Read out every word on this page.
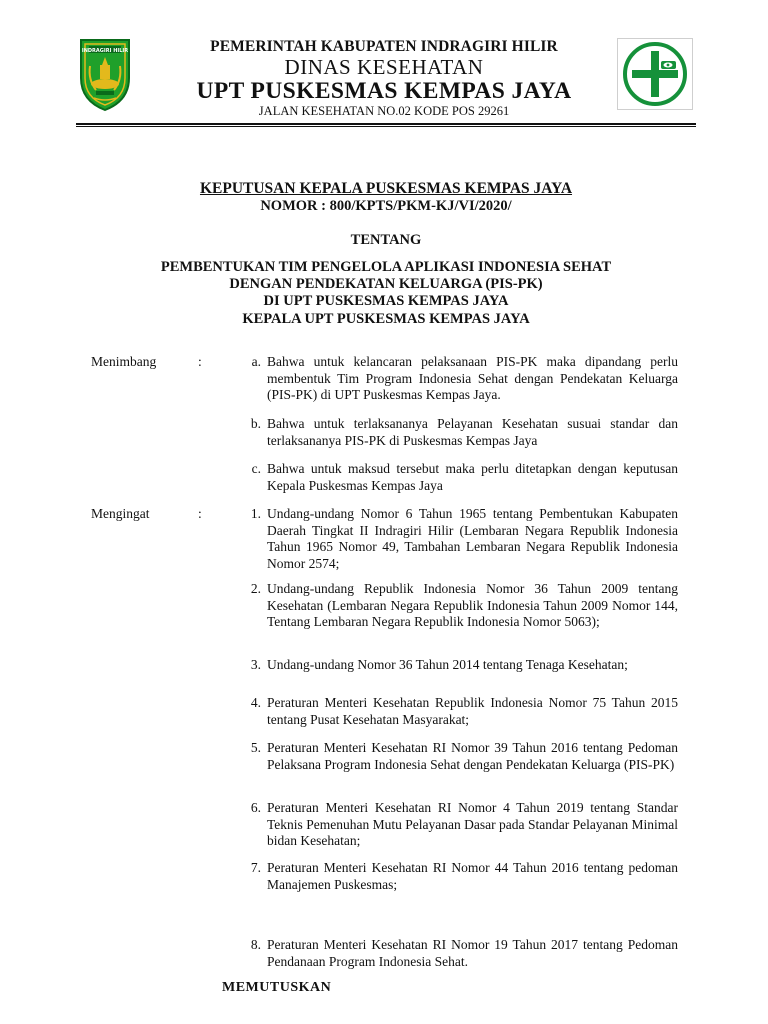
INDRAGIRI HILIR	PEMERINTAH KABUPATEN INDRAGIRI HILIR
DINAS KESEHATAN
UPT PUSKESMAS KEMPAS JAYA
JALAN KESEHATAN NO.02 KODE POS 29261
KEPUTUSAN KEPALA PUSKESMAS KEMPAS JAYA
NOMOR : 800/KPTS/PKM-KJ/VI/2020/
TENTANG
PEMBENTUKAN TIM PENGELOLA APLIKASI INDONESIA SEHAT
DENGAN PENDEKATAN KELUARGA (PIS-PK)
DI UPT PUSKESMAS KEMPAS JAYA
KEPALA UPT PUSKESMAS KEMPAS JAYA
Menimbang	:	a. Bahwa untuk kelancaran pelaksanaan PIS-PK maka dipandang perlu membentuk Tim Program Indonesia Sehat dengan Pendekatan Keluarga (PIS-PK) di UPT Puskesmas Kempas Jaya.
b. Bahwa untuk terlaksananya Pelayanan Kesehatan susuai standar dan terlaksananya PIS-PK di Puskesmas Kempas Jaya
c. Bahwa untuk maksud tersebut maka perlu ditetapkan dengan keputusan Kepala Puskesmas Kempas Jaya
Mengingat	:	1. Undang-undang Nomor 6 Tahun 1965 tentang Pembentukan Kabupaten Daerah Tingkat II Indragiri Hilir (Lembaran Negara Republik Indonesia Tahun 1965 Nomor 49, Tambahan Lembaran Negara Republik Indonesia Nomor 2574;
2. Undang-undang Republik Indonesia Nomor 36 Tahun 2009 tentang Kesehatan (Lembaran Negara Republik Indonesia Tahun 2009 Nomor 144, Tentang Lembaran Negara Republik Indonesia Nomor 5063);
3. Undang-undang Nomor 36 Tahun 2014 tentang Tenaga Kesehatan;
4. Peraturan Menteri Kesehatan Republik Indonesia Nomor 75 Tahun 2015 tentang Pusat Kesehatan Masyarakat;
5. Peraturan Menteri Kesehatan RI Nomor 39 Tahun 2016 tentang Pedoman Pelaksana Program Indonesia Sehat dengan Pendekatan Keluarga (PIS-PK)
6. Peraturan Menteri Kesehatan RI Nomor 4 Tahun 2019 tentang Standar Teknis Pemenuhan Mutu Pelayanan Dasar pada Standar Pelayanan Minimal bidan Kesehatan;
7. Peraturan Menteri Kesehatan RI Nomor 44 Tahun 2016 tentang pedoman Manajemen Puskesmas;
8. Peraturan Menteri Kesehatan RI Nomor 19 Tahun 2017 tentang Pedoman Pendanaan Program Indonesia Sehat.
MEMUTUSKAN
